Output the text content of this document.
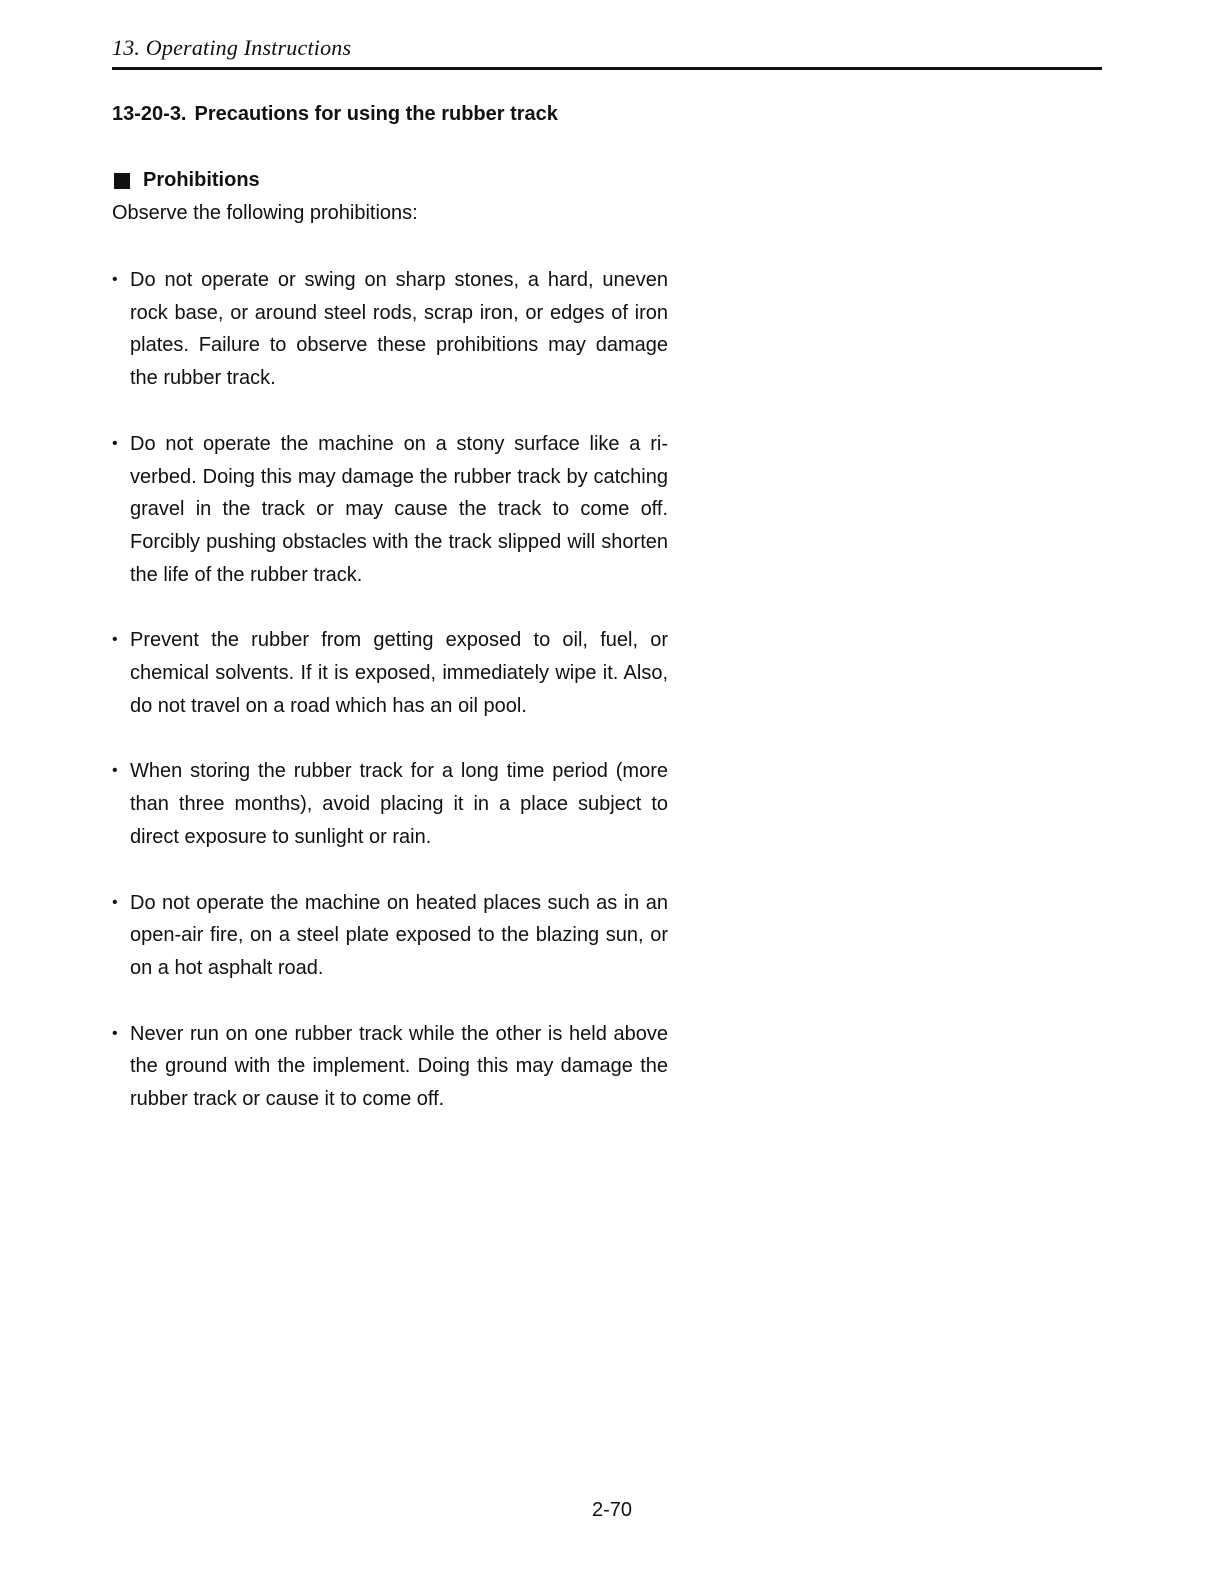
13. Operating Instructions
13-20-3. Precautions for using the rubber track
Prohibitions
Observe the following prohibitions:
• Do not operate or swing on sharp stones, a hard, uneven rock base, or around steel rods, scrap iron, or edges of iron plates. Failure to observe these prohibitions may damage the rubber track.
• Do not operate the machine on a stony surface like a riverbed. Doing this may damage the rubber track by catching gravel in the track or may cause the track to come off. Forcibly pushing obstacles with the track slipped will shorten the life of the rubber track.
• Prevent the rubber from getting exposed to oil, fuel, or chemical solvents. If it is exposed, immediately wipe it. Also, do not travel on a road which has an oil pool.
• When storing the rubber track for a long time period (more than three months), avoid placing it in a place subject to direct exposure to sunlight or rain.
• Do not operate the machine on heated places such as in an open-air fire, on a steel plate exposed to the blazing sun, or on a hot asphalt road.
• Never run on one rubber track while the other is held above the ground with the implement. Doing this may damage the rubber track or cause it to come off.
2-70
